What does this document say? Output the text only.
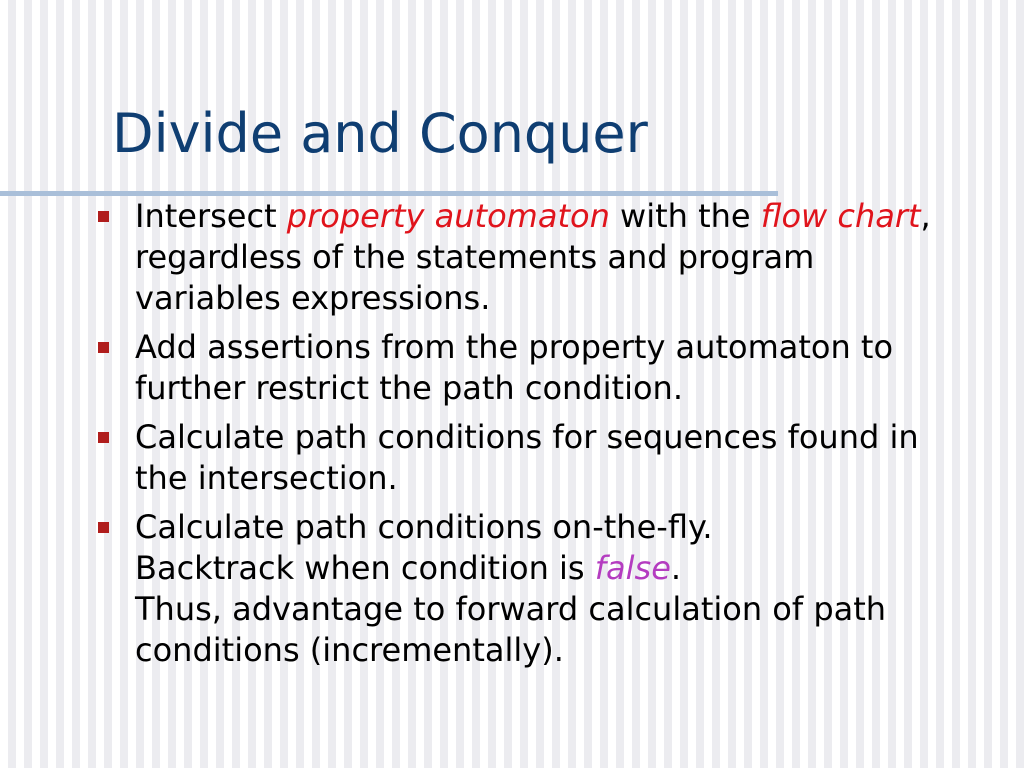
Divide and Conquer
Intersect property automaton with the flow chart, regardless of the statements and program variables expressions.
Add assertions from the property automaton to further restrict the path condition.
Calculate path conditions for sequences found in the intersection.
Calculate path conditions on-the-fly.
Backtrack when condition is false.
Thus, advantage to forward calculation of path conditions (incrementally).
